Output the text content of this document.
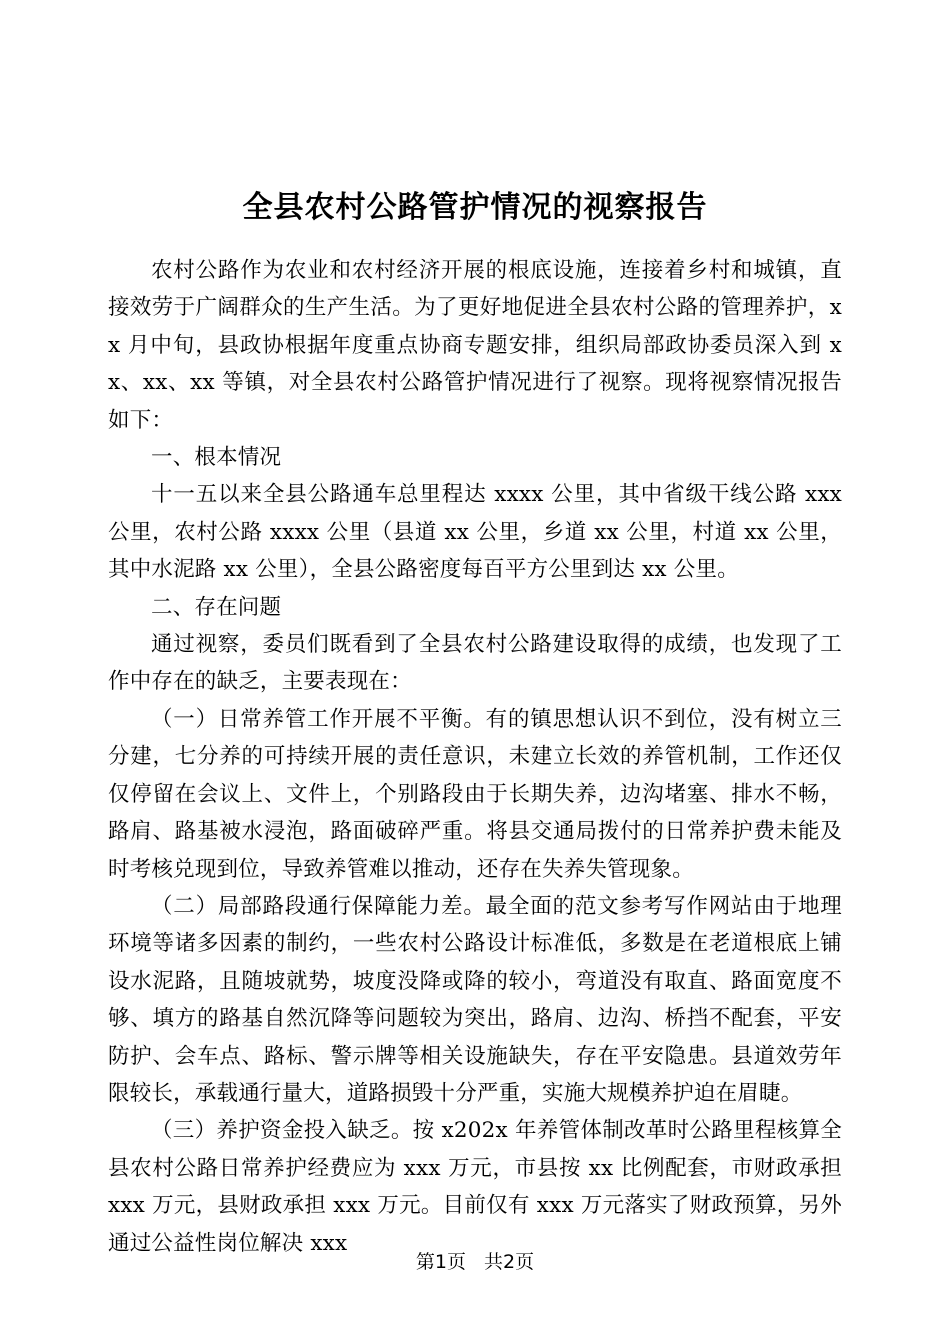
全县农村公路管护情况的视察报告

农村公路作为农业和农村经济开展的根底设施，连接着乡村和城镇，直接效劳于广阔群众的生产生活。为了更好地促进全县农村公路的管理养护，xx 月中旬，县政协根据年度重点协商专题安排，组织局部政协委员深入到 xx、xx、xx 等镇，对全县农村公路管护情况进行了视察。现将视察情况报告如下：

一、根本情况

十一五以来全县公路通车总里程达 xxxx 公里，其中省级干线公路 xxx 公里，农村公路 xxxx 公里（县道 xx 公里，乡道 xx 公里，村道 xx 公里，其中水泥路 xx 公里），全县公路密度每百平方公里到达 xx 公里。

二、存在问题

通过视察，委员们既看到了全县农村公路建设取得的成绩，也发现了工作中存在的缺乏，主要表现在：

（一）日常养管工作开展不平衡。有的镇思想认识不到位，没有树立三分建，七分养的可持续开展的责任意识，未建立长效的养管机制，工作还仅仅停留在会议上、文件上，个别路段由于长期失养，边沟堵塞、排水不畅，路肩、路基被水浸泡，路面破碎严重。将县交通局拨付的日常养护费未能及时考核兑现到位，导致养管难以推动，还存在失养失管现象。

（二）局部路段通行保障能力差。最全面的范文参考写作网站由于地理环境等诸多因素的制约，一些农村公路设计标准低，多数是在老道根底上铺设水泥路，且随坡就势，坡度没降或降的较小，弯道没有取直、路面宽度不够、填方的路基自然沉降等问题较为突出，路肩、边沟、桥挡不配套，平安防护、会车点、路标、警示牌等相关设施缺失，存在平安隐患。县道效劳年限较长，承载通行量大，道路损毁十分严重，实施大规模养护迫在眉睫。

（三）养护资金投入缺乏。按 x202x 年养管体制改革时公路里程核算全县农村公路日常养护经费应为 xxx 万元，市县按 xx 比例配套，市财政承担 xxx 万元，县财政承担 xxx 万元。目前仅有 xxx 万元落实了财政预算，另外通过公益性岗位解决 xxx

第1页 共2页
